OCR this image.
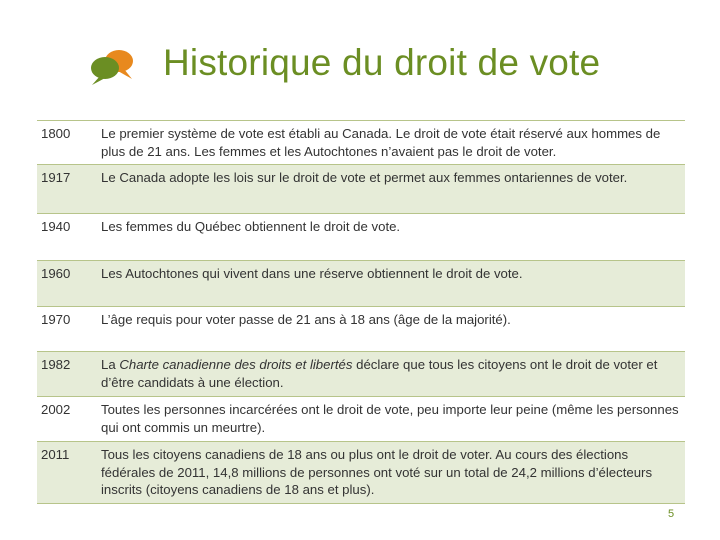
Historique du droit de vote
1800	Le premier système de vote est établi au Canada. Le droit de vote était réservé aux hommes de plus de 21 ans. Les femmes et les Autochtones n’avaient pas le droit de voter.
1917	Le Canada adopte les lois sur le droit de vote et permet aux femmes ontariennes de voter.
1940	Les femmes du Québec obtiennent le droit de vote.
1960	Les Autochtones qui vivent dans une réserve obtiennent le droit de vote.
1970	L’âge requis pour voter passe de 21 ans à 18 ans (âge de la majorité).
1982	La Charte canadienne des droits et libertés déclare que tous les citoyens ont le droit de voter et d’être candidats à une élection.
2002	Toutes les personnes incarcérées ont le droit de vote, peu importe leur peine (même les personnes qui ont commis un meurtre).
2011	Tous les citoyens canadiens de 18 ans ou plus ont le droit de voter. Au cours des élections fédérales de 2011, 14,8 millions de personnes ont voté sur un total de 24,2 millions d’électeurs inscrits (citoyens canadiens de 18 ans et plus).
5
